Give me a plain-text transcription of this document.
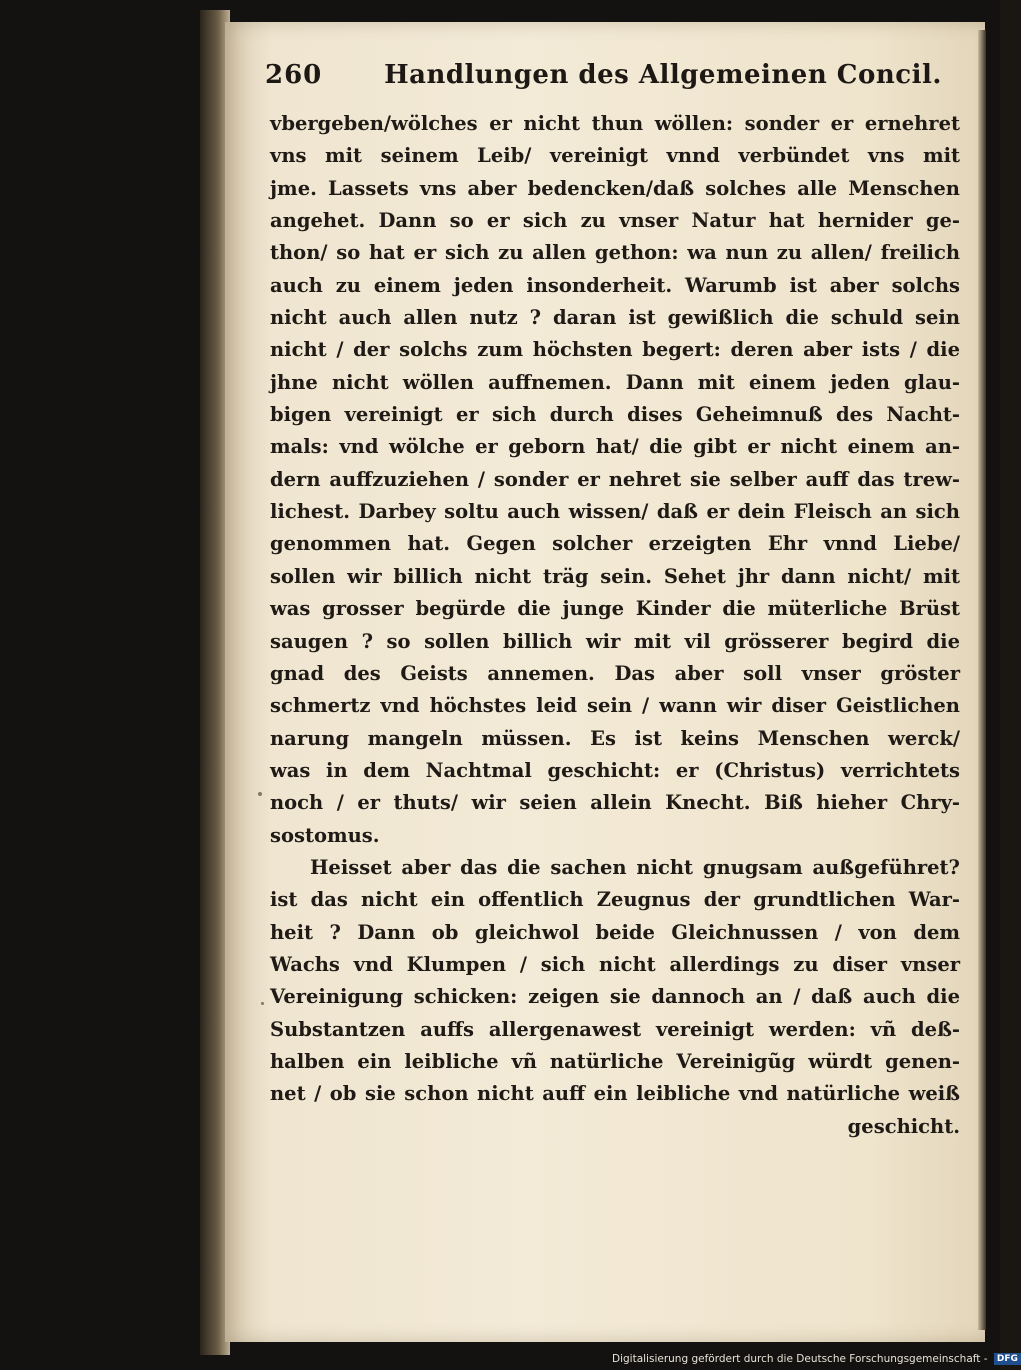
260 Handlungen des Allgemeinen Concil.
vbergeben/wölches er nicht thun wöllen: sonder er ernehret
vns mit seinem Leib/ vereinigt vnnd verbündet vns mit
jme. Lassets vns aber bedencken/daß solches alle Menschen
angehet. Dann so er sich zu vnser Natur hat hernider ge-
thon/ so hat er sich zu allen gethon: wa nun zu allen/ freilich
auch zu einem jeden insonderheit. Warumb ist aber solchs
nicht auch allen nutz ? daran ist gewißlich die schuld sein
nicht / der solchs zum höchsten begert: deren aber ists / die
jhne nicht wöllen auffnemen. Dann mit einem jeden glau-
bigen vereinigt er sich durch dises Geheimnuß des Nacht-
mals: vnd wölche er geborn hat/ die gibt er nicht einem an-
dern auffzuziehen / sonder er nehret sie selber auff das trew-
lichest. Darbey soltu auch wissen/ daß er dein Fleisch an sich
genommen hat. Gegen solcher erzeigten Ehr vnnd Liebe/
sollen wir billich nicht träg sein. Sehet jhr dann nicht/ mit
was grosser begürde die junge Kinder die müterliche Brüst
saugen ? so sollen billich wir mit vil grösserer begird die
gnad des Geists annemen. Das aber soll vnser gröster
schmertz vnd höchstes leid sein / wann wir diser Geistlichen
narung mangeln müssen. Es ist keins Menschen werck/
was in dem Nachtmal geschicht: er (Christus) verrichtets
noch / er thuts/ wir seien allein Knecht. Biß hieher Chry-
sostomus.
Heisset aber das die sachen nicht gnugsam außgeführet?
ist das nicht ein offentlich Zeugnus der grundtlichen War-
heit ? Dann ob gleichwol beide Gleichnussen / von dem
Wachs vnd Klumpen / sich nicht allerdings zu diser vnser
Vereinigung schicken: zeigen sie dannoch an / daß auch die
Substantzen auffs allergenawest vereinigt werden: vñ deß-
halben ein leibliche vñ natürliche Vereinigũg würdt genen-
net / ob sie schon nicht auff ein leibliche vnd natürliche weiß
geschicht.
Digitalisierung gefördert durch die Deutsche Forschungsgemeinschaft - DFG
